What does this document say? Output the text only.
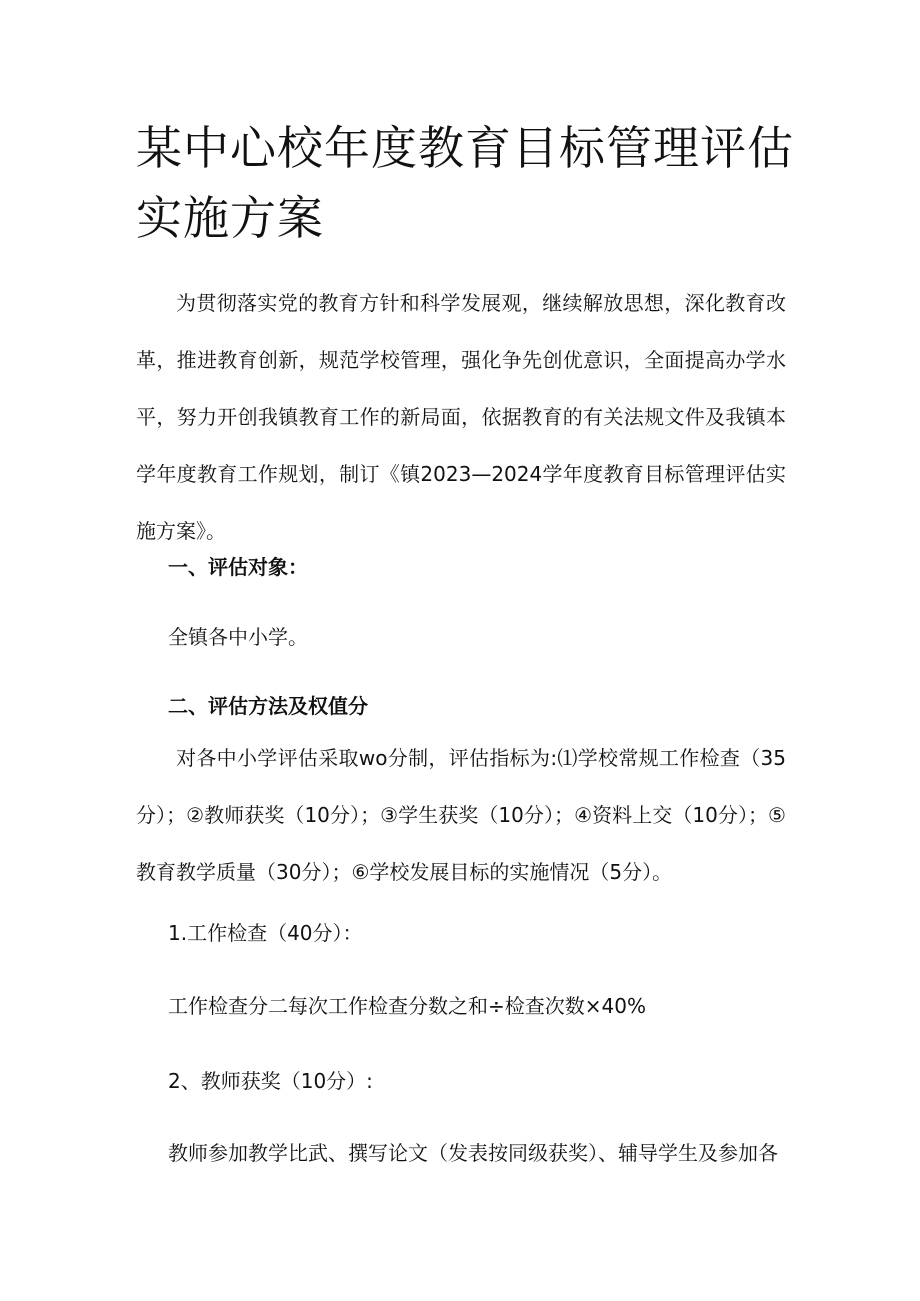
某中心校年度教育目标管理评估实施方案

为贯彻落实党的教育方针和科学发展观，继续解放思想，深化教育改革，推进教育创新，规范学校管理，强化争先创优意识，全面提高办学水平，努力开创我镇教育工作的新局面，依据教育的有关法规文件及我镇本学年度教育工作规划，制订《镇2023—2024学年度教育目标管理评估实施方案》。

一、评估对象：

全镇各中小学。

二、评估方法及权值分

对各中小学评估采取wo分制，评估指标为:⑴学校常规工作检查（35分）；②教师获奖（10分）；③学生获奖（10分）；④资料上交（10分）；⑤教育教学质量（30分）；⑥学校发展目标的实施情况（5分）。

1.工作检查（40分）：

工作检查分二每次工作检查分数之和÷检查次数×40%

2、教师获奖（10分）:

教师参加教学比武、撰写论文（发表按同级获奖）、辅导学生及参加各
